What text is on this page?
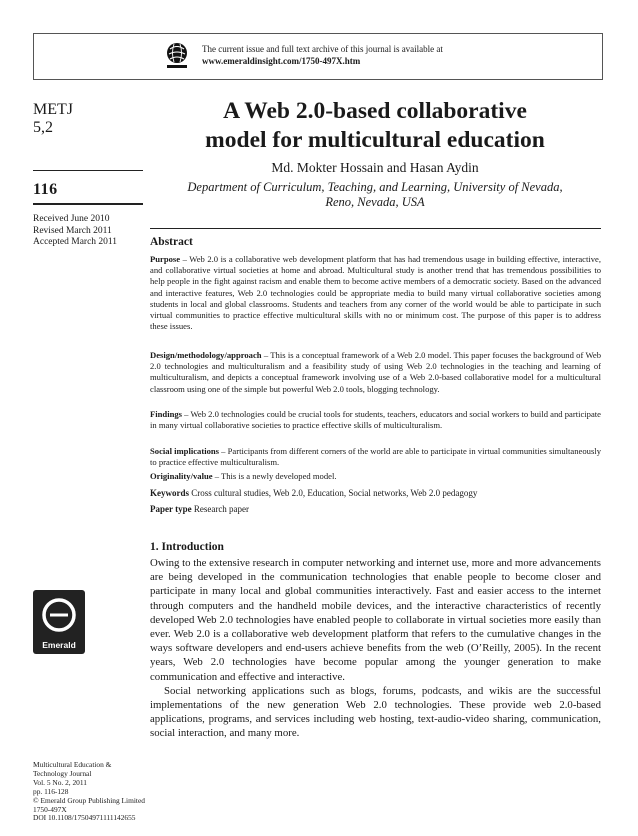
The current issue and full text archive of this journal is available at
www.emeraldinsight.com/1750-497X.htm
METJ
5,2
116
Received June 2010
Revised March 2011
Accepted March 2011
A Web 2.0-based collaborative
model for multicultural education
Md. Mokter Hossain and Hasan Aydin
Department of Curriculum, Teaching, and Learning, University of Nevada,
Reno, Nevada, USA
Abstract
Purpose – Web 2.0 is a collaborative web development platform that has had tremendous usage in building effective, interactive, and collaborative virtual societies at home and abroad. Multicultural study is another trend that has tremendous possibilities to help people in the fight against racism and enable them to become active members of a democratic society. Based on the advanced and interactive features, Web 2.0 technologies could be appropriate media to build many virtual collaborative societies among students in local and global classrooms. Students and teachers from any corner of the world would be able to participate in such virtual communities to practice effective multicultural skills with no or minimum cost. The purpose of this paper is to address these issues.
Design/methodology/approach – This is a conceptual framework of a Web 2.0 model. This paper focuses the background of Web 2.0 technologies and multiculturalism and a feasibility study of using Web 2.0 technologies in the teaching and learning of multiculturalism, and depicts a conceptual framework involving use of a Web 2.0-based collaborative model for a multicultural classroom using one of the simple but powerful Web 2.0 tools, blogging technology.
Findings – Web 2.0 technologies could be crucial tools for students, teachers, educators and social workers to build and participate in many virtual collaborative societies to practice effective skills of multiculturalism.
Social implications – Participants from different corners of the world are able to participate in virtual communities simultaneously to practice effective multiculturalism.
Originality/value – This is a newly developed model.
Keywords Cross cultural studies, Web 2.0, Education, Social networks, Web 2.0 pedagogy
Paper type Research paper
1. Introduction

Owing to the extensive research in computer networking and internet use, more and more advancements are being developed in the communication technologies that enable people to become closer and participate in many local and global communities interactively. Fast and easier access to the internet through computers and the handheld mobile devices, and the interactive characteristics of recently developed Web 2.0 technologies have enabled people to collaborate in virtual societies more easily than ever. Web 2.0 is a collaborative web development platform that refers to the cumulative changes in the ways software developers and end-users achieve benefits from the web (O’Reilly, 2005). In the recent years, Web 2.0 technologies have become popular among the younger generation to make communication and effective and interactive.

Social networking applications such as blogs, forums, podcasts, and wikis are the successful implementations of the new generation Web 2.0 technologies. These provide web 2.0-based applications, programs, and services including web hosting, text-audio-video sharing, communication, social interaction, and many more.

Emerald
Multicultural Education &
Technology Journal
Vol. 5 No. 2, 2011
pp. 116-128
© Emerald Group Publishing Limited
1750-497X
DOI 10.1108/17504971111142655
